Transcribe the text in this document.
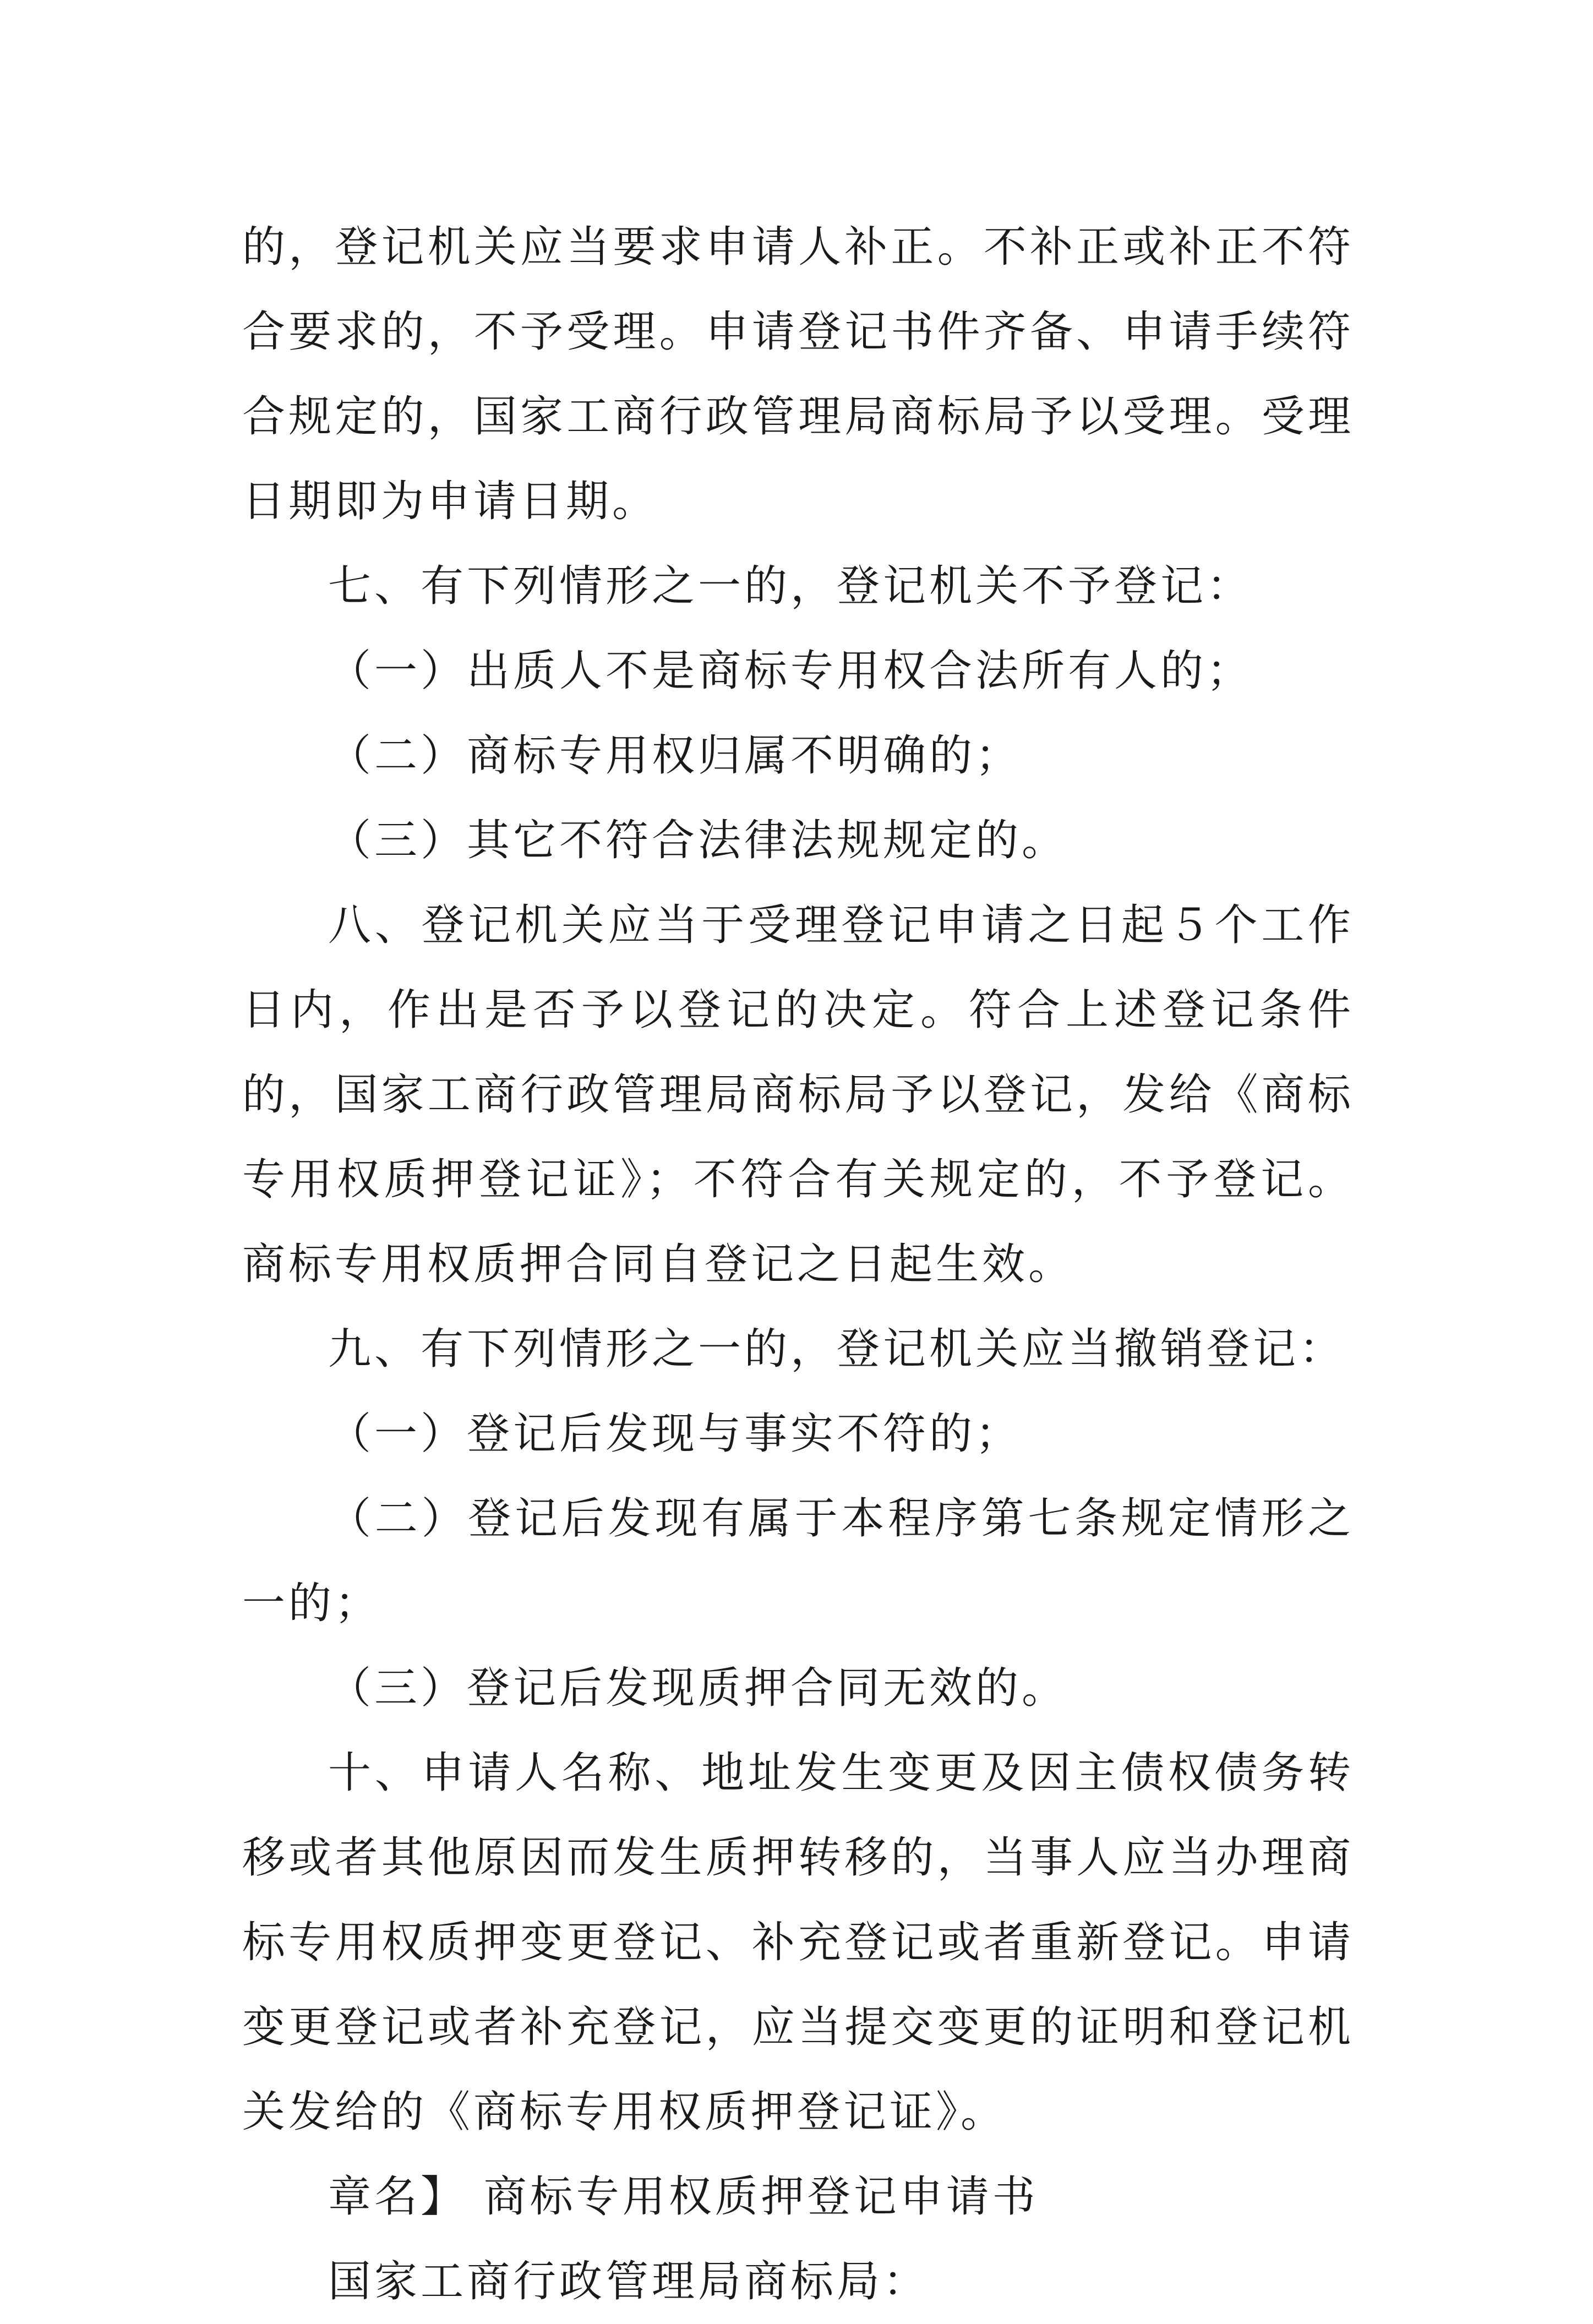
的，登记机关应当要求申请人补正。不补正或补正不符合要求的，不予受理。申请登记书件齐备、申请手续符合规定的，国家工商行政管理局商标局予以受理。受理日期即为申请日期。

七、有下列情形之一的，登记机关不予登记：

（一）出质人不是商标专用权合法所有人的；

（二）商标专用权归属不明确的；

（三）其它不符合法律法规规定的。

八、登记机关应当于受理登记申请之日起５个工作日内，作出是否予以登记的决定。符合上述登记条件的，国家工商行政管理局商标局予以登记，发给《商标专用权质押登记证》；不符合有关规定的，不予登记。商标专用权质押合同自登记之日起生效。

九、有下列情形之一的，登记机关应当撤销登记：

（一）登记后发现与事实不符的；

（二）登记后发现有属于本程序第七条规定情形之一的；

（三）登记后发现质押合同无效的。

十、申请人名称、地址发生变更及因主债权债务转移或者其他原因而发生质押转移的，当事人应当办理商标专用权质押变更登记、补充登记或者重新登记。申请变更登记或者补充登记，应当提交变更的证明和登记机关发给的《商标专用权质押登记证》。

章名】 商标专用权质押登记申请书

国家工商行政管理局商标局：
